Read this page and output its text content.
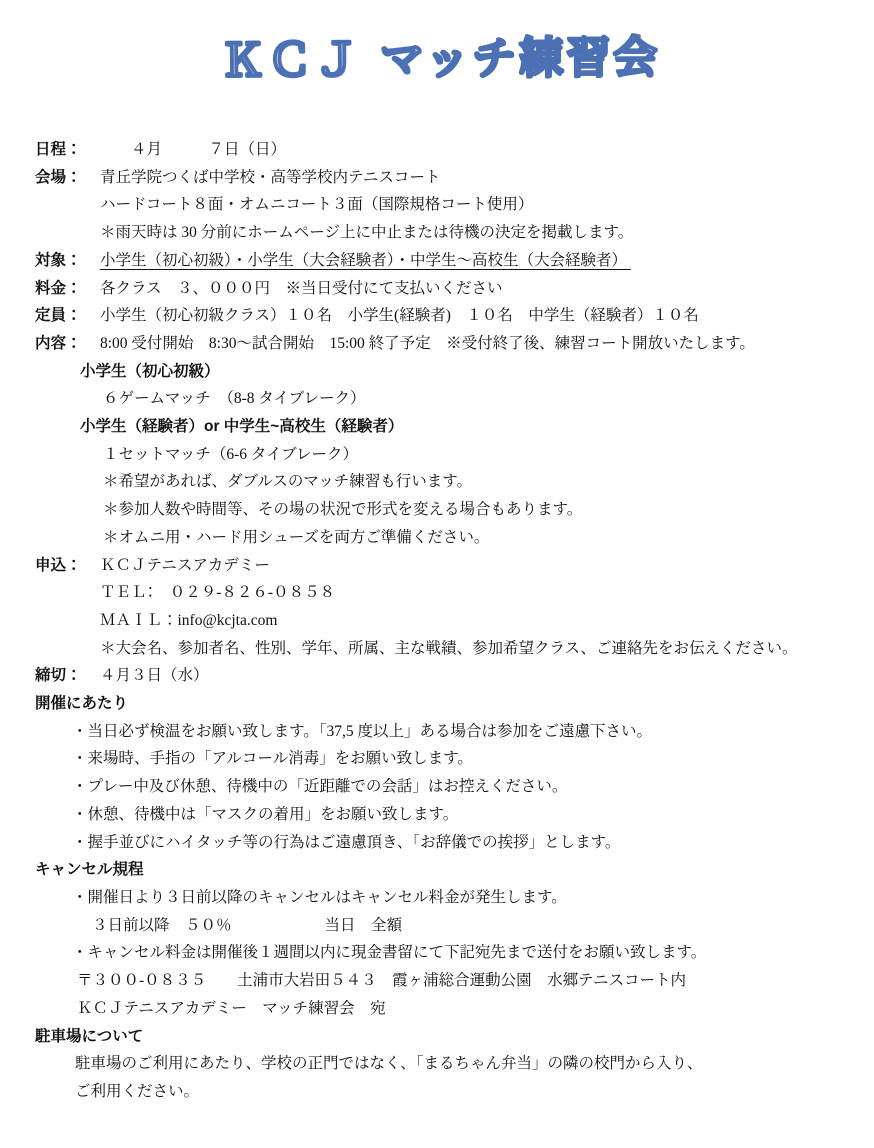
ＫＣＪ マッチ練習会
日程：	　　４月　　　７日（日）
会場：	青丘学院つくば中学校・高等学校内テニスコート
ハードコート８面・オムニコート３面（国際規格コート使用）
＊雨天時は 30 分前にホームページ上に中止または待機の決定を掲載します。
対象：	小学生（初心初級）・小学生（大会経験者）・中学生～高校生（大会経験者）
料金：	各クラス　３、０００円　※当日受付にて支払いください
定員：	小学生（初心初級クラス）１０名　小学生(経験者)　１０名　中学生（経験者）１０名
内容：	8:00 受付開始　8:30～試合開始　15:00 終了予定　※受付終了後、練習コート開放いたします。
小学生（初心初級）
６ゲームマッチ　（8-8 タイブレーク）
小学生（経験者）or 中学生~高校生（経験者）
１セットマッチ（6-6 タイブレーク）
＊希望があれば、ダブルスのマッチ練習も行います。
＊参加人数や時間等、その場の状況で形式を変える場合もあります。
＊オムニ用・ハード用シューズを両方ご準備ください。
申込：	ＫＣＪテニスアカデミー
ＴＥＬ：　０２９‐８２６‐０８５８
ＭＡＩＬ：info@kcjta.com
＊大会名、参加者名、性別、学年、所属、主な戦績、参加希望クラス、ご連絡先をお伝えください。
締切：	４月３日（水）
開催にあたり
・当日必ず検温をお願い致します。「37,5 度以上」ある場合は参加をご遠慮下さい。
・来場時、手指の「アルコール消毒」をお願い致します。
・プレー中及び休憩、待機中の「近距離での会話」はお控えください。
・休憩、待機中は「マスクの着用」をお願い致します。
・握手並びにハイタッチ等の行為はご遠慮頂き、「お辞儀での挨拶」とします。
キャンセル規程
・開催日より３日前以降のキャンセルはキャンセル料金が発生します。
３日前以降　５０％　　　　　　当日　全額
・キャンセル料金は開催後１週間以内に現金書留にて下記宛先まで送付をお願い致します。
〒３００‐０８３５　　土浦市大岩田５４３　霞ヶ浦総合運動公園　水郷テニスコート内
ＫＣＪテニスアカデミー　マッチ練習会　宛
駐車場について
駐車場のご利用にあたり、学校の正門ではなく、「まるちゃん弁当」の隣の校門から入り、
ご利用ください。
